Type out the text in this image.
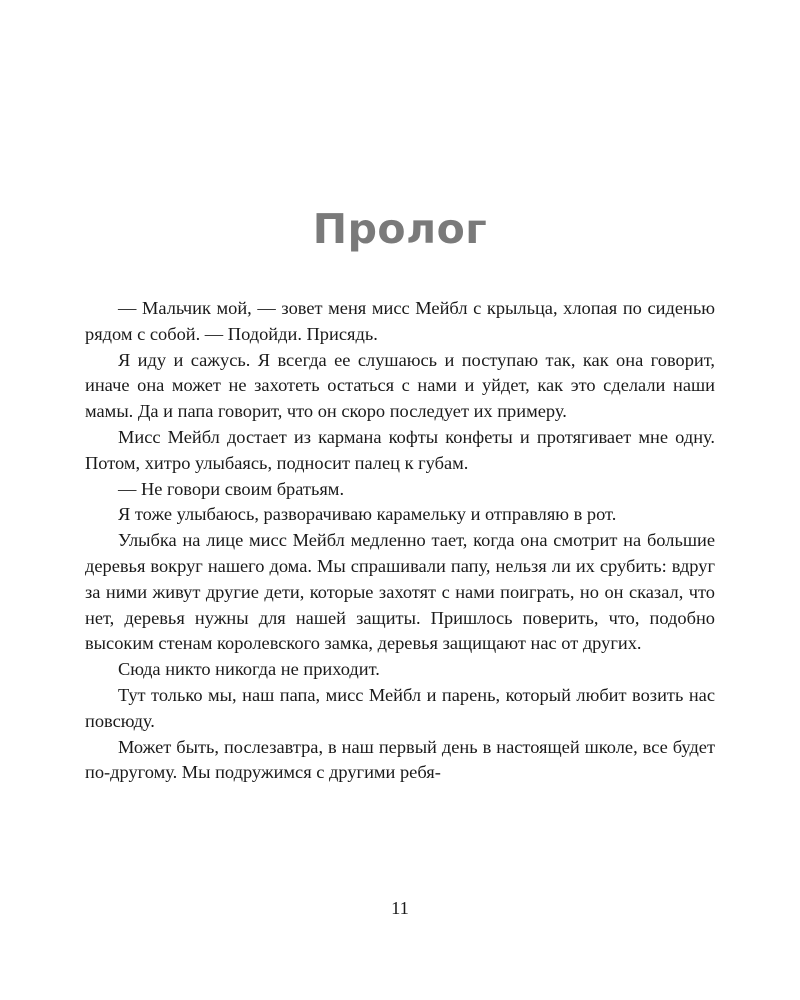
Пролог

— Мальчик мой, — зовет меня мисс Мейбл с крыльца, хлопая по сиденью рядом с собой. — Подойди. Присядь.

Я иду и сажусь. Я всегда ее слушаюсь и поступаю так, как она говорит, иначе она может не захотеть остаться с нами и уйдет, как это сделали наши мамы. Да и папа говорит, что он скоро последует их примеру.

Мисс Мейбл достает из кармана кофты конфеты и протягивает мне одну. Потом, хитро улыбаясь, подносит палец к губам.

— Не говори своим братьям.

Я тоже улыбаюсь, разворачиваю карамельку и отправляю в рот.

Улыбка на лице мисс Мейбл медленно тает, когда она смотрит на большие деревья вокруг нашего дома. Мы спрашивали папу, нельзя ли их срубить: вдруг за ними живут другие дети, которые захотят с нами поиграть, но он сказал, что нет, деревья нужны для нашей защиты. Пришлось поверить, что, подобно высоким стенам королевского замка, деревья защищают нас от других.

Сюда никто никогда не приходит.

Тут только мы, наш папа, мисс Мейбл и парень, который любит возить нас повсюду.

Может быть, послезавтра, в наш первый день в настоящей школе, все будет по-другому. Мы подружимся с другими ребя-

11
